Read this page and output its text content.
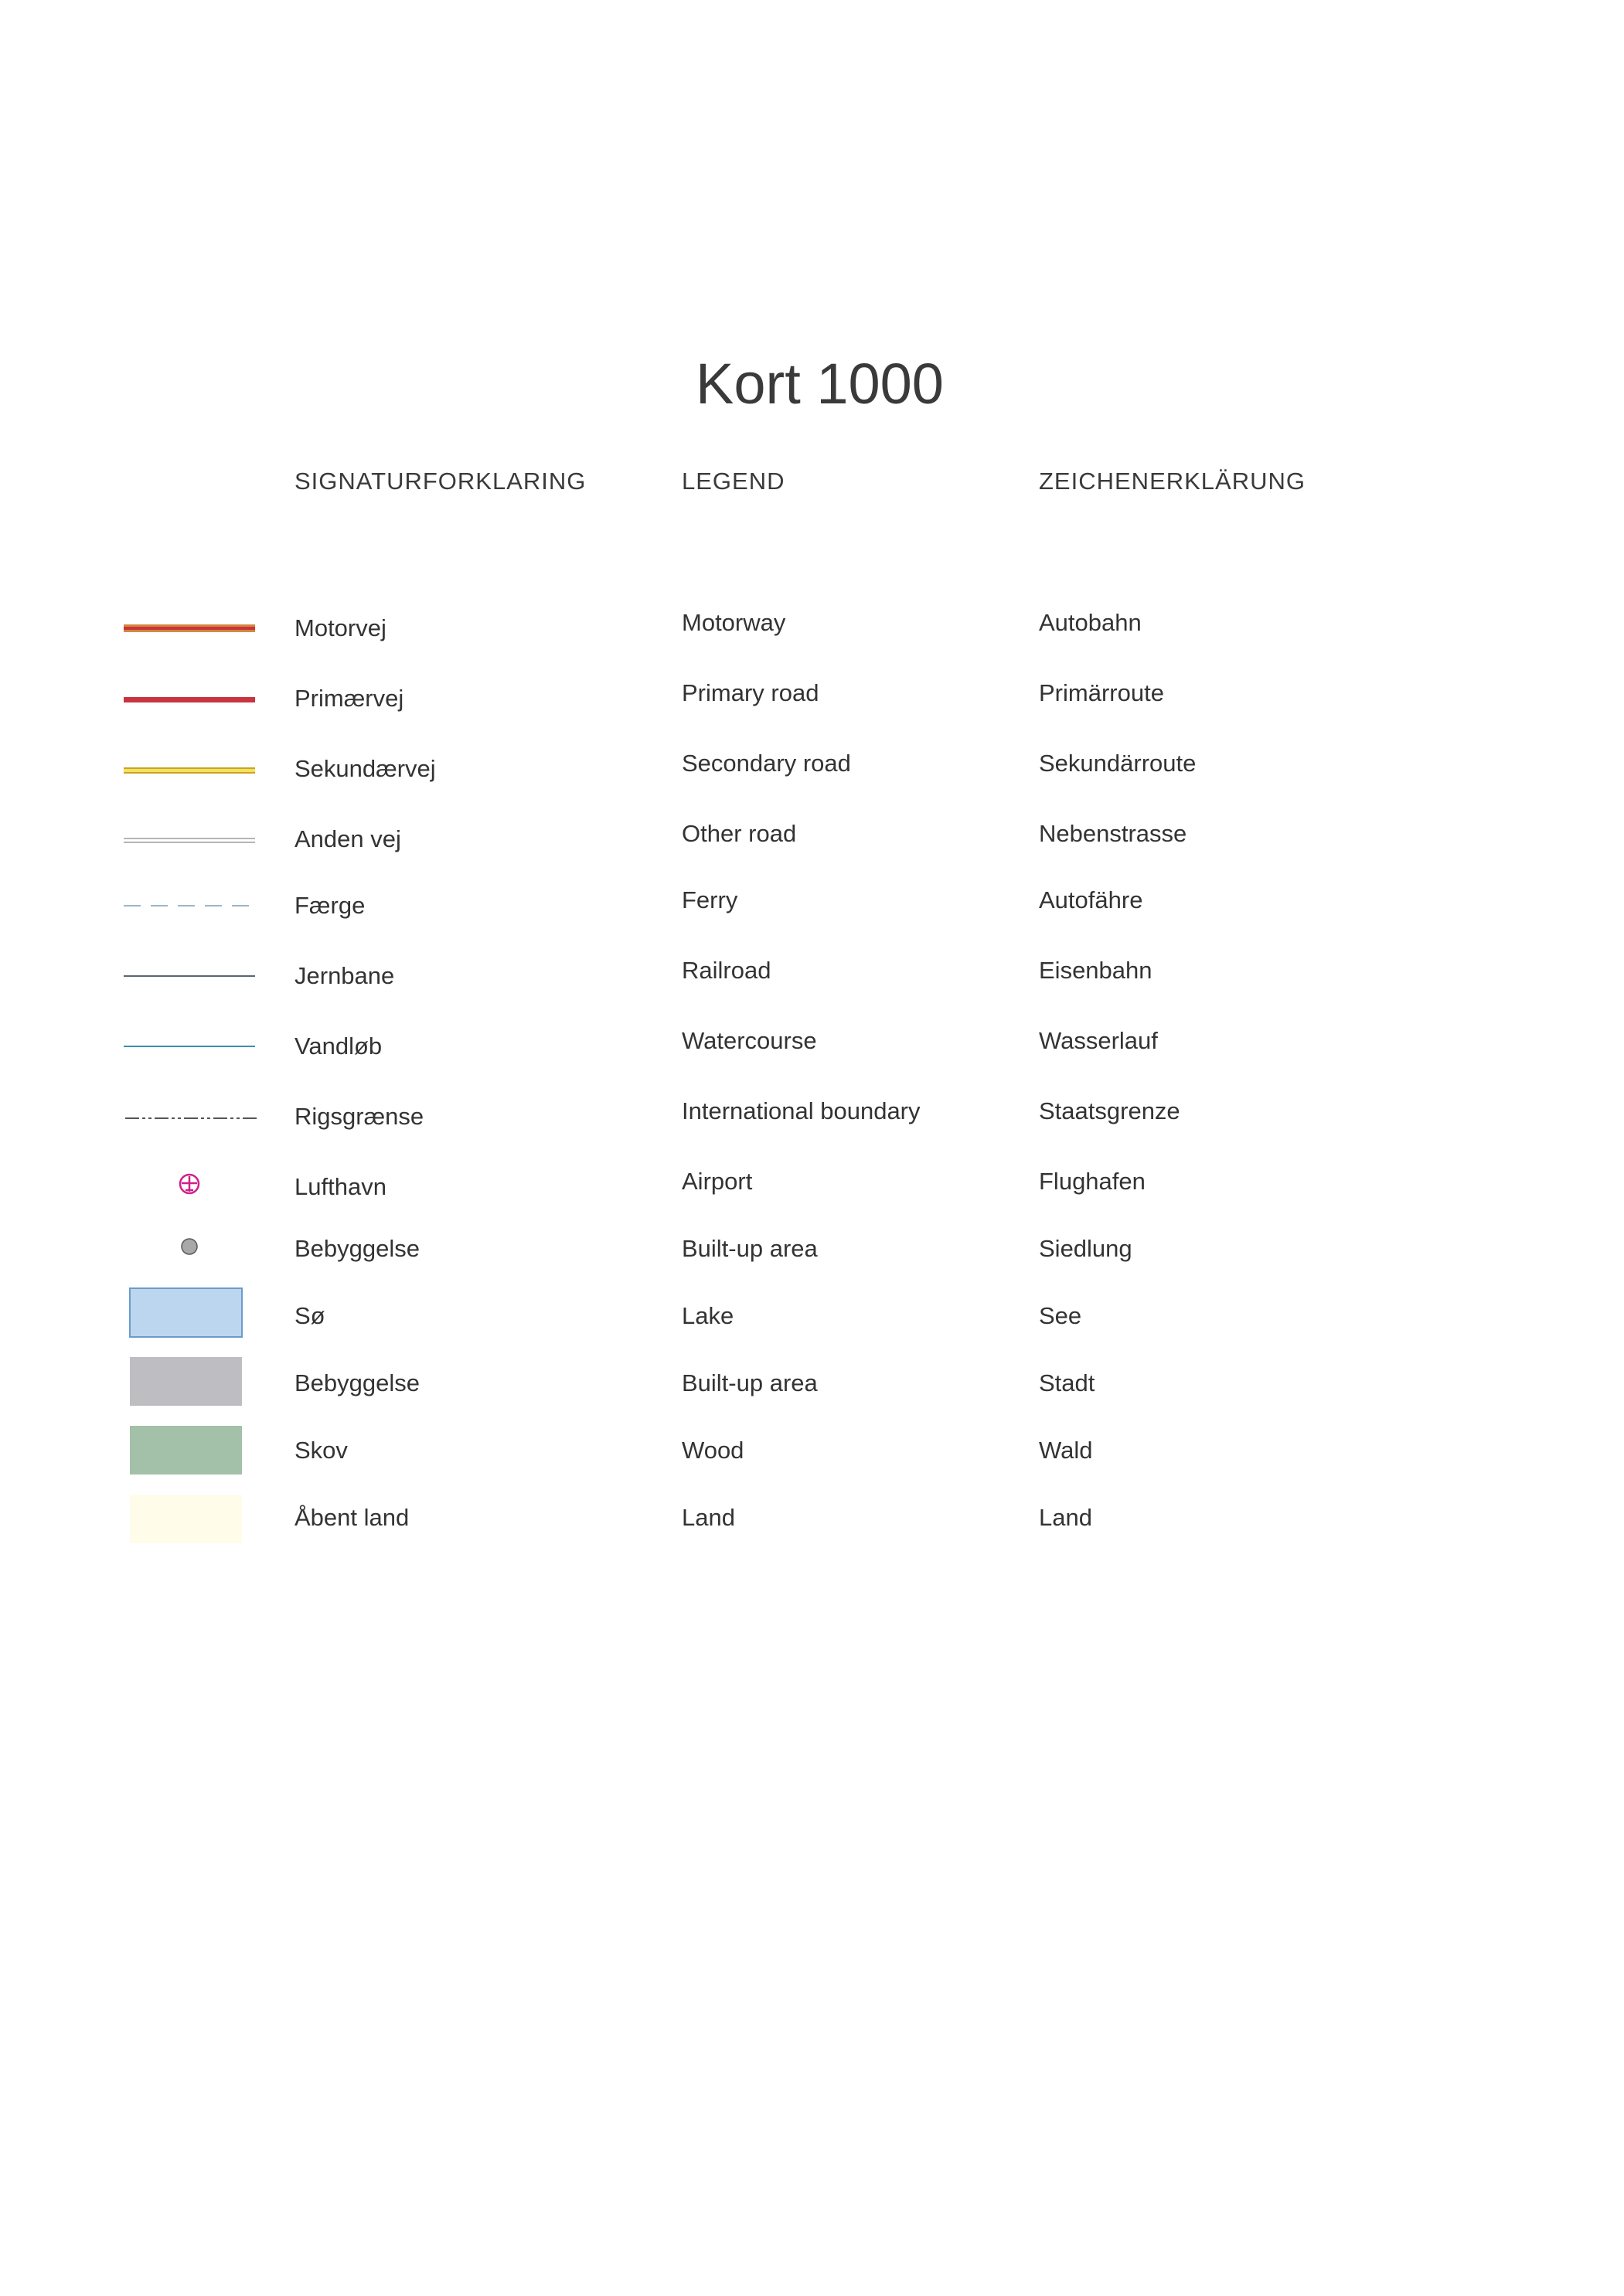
Kort 1000
SIGNATURFORKLARING	LEGEND	ZEICHENERKLÄRUNG
Motorvej	Motorway	Autobahn
Primærvej	Primary road	Primärroute
Sekundærvej	Secondary road	Sekundärroute
Anden vej	Other road	Nebenstrasse
Færge	Ferry	Autofähre
Jernbane	Railroad	Eisenbahn
Vandløb	Watercourse	Wasserlauf
Rigsgrænse	International boundary	Staatsgrenze
Lufthavn	Airport	Flughafen
Bebyggelse	Built-up area	Siedlung
Sø	Lake	See
Bebyggelse	Built-up area	Stadt
Skov	Wood	Wald
Åbent land	Land	Land
